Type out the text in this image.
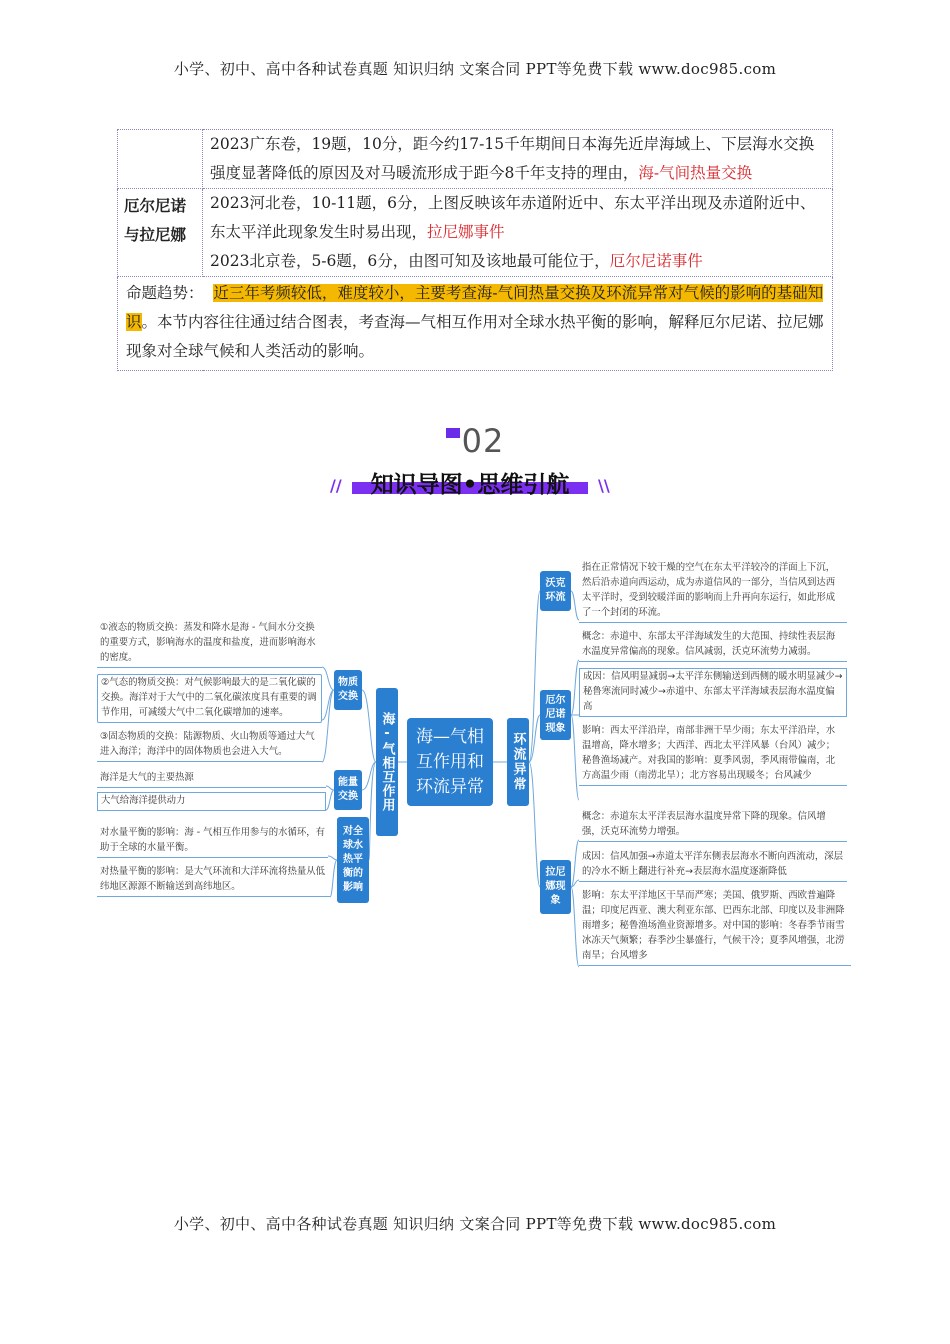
小学、初中、高中各种试卷真题 知识归纳 文案合同 PPT等免费下载 www.doc985.com
	2023广东卷，19题，10分，距今约17-15千年期间日本海先近岸海域上、下层海水交换强度显著降低的原因及对马暖流形成于距今8千年支持的理由，海-气间热量交换
厄尔尼诺与拉尼娜	2023河北卷，10-11题，6分，上图反映该年赤道附近中、东太平洋出现及赤道附近中、东太平洋此现象发生时易出现，拉尼娜事件
2023北京卷，5-6题，6分，由图可知及该地最可能位于，厄尔尼诺事件
命题趋势：  近三年考频较低，难度较小，主要考查海-气间热量交换及环流异常对气候的影响的基础知识。本节内容往往通过结合图表，考查海—气相互作用对全球水热平衡的影响，解释厄尔尼诺、拉尼娜现象对全球气候和人类活动的影响。	
02
//	知识导图•思维引航	\\
海—气相互作用和环流异常
海-气相互作用	环流异常
物质交换
能量交换
对全球水热平衡的影响
①液态的物质交换：蒸发和降水是海 - 气间水分交换的重要方式，影响海水的温度和盐度，进而影响海水的密度。
②气态的物质交换：对气候影响最大的是二氧化碳的交换。海洋对于大气中的二氧化碳浓度具有重要的调节作用，可减缓大气中二氧化碳增加的速率。
③固态物质的交换：陆源物质、火山物质等通过大气进入海洋；海洋中的固体物质也会进入大气。
海洋是大气的主要热源
大气给海洋提供动力
对水量平衡的影响：海 - 气相互作用参与的水循环，有助于全球的水量平衡。
对热量平衡的影响：是大气环流和大洋环流将热量从低纬地区源源不断输送到高纬地区。
沃克环流
厄尔尼诺现象
拉尼娜现象
指在正常情况下较干燥的空气在东太平洋较冷的洋面上下沉，然后沿赤道向西运动，成为赤道信风的一部分，当信风到达西太平洋时，受到较暖洋面的影响而上升再向东运行，如此形成了一个封闭的环流。
概念：赤道中、东部太平洋海域发生的大范围、持续性表层海水温度异常偏高的现象。信风减弱，沃克环流势力减弱。
成因：信风明显减弱→太平洋东侧输送到西侧的暖水明显减少→秘鲁寒流同时减少→赤道中、东部太平洋海域表层海水温度偏高
影响：西太平洋沿岸，南部非洲干旱少雨；东太平洋沿岸，水温增高，降水增多；大西洋、西北太平洋风暴（台风）减少；秘鲁渔场减产。对我国的影响：夏季风弱，季风雨带偏南，北方高温少雨（南涝北旱）；北方容易出现暖冬；台风减少
概念：赤道东太平洋表层海水温度异常下降的现象。信风增强，沃克环流势力增强。
成因：信风加强→赤道太平洋东侧表层海水不断向西流动，深层的冷水不断上翻进行补充→表层海水温度逐渐降低
影响：东太平洋地区干旱而严寒；美国、俄罗斯、西欧普遍降温；印度尼西亚、澳大利亚东部、巴西东北部、印度以及非洲降雨增多；秘鲁渔场渔业资源增多。对中国的影响：冬春季节雨雪冰冻天气频繁；春季沙尘暴盛行，气候干冷；夏季风增强，北涝南旱；台风增多
小学、初中、高中各种试卷真题 知识归纳 文案合同 PPT等免费下载 www.doc985.com
